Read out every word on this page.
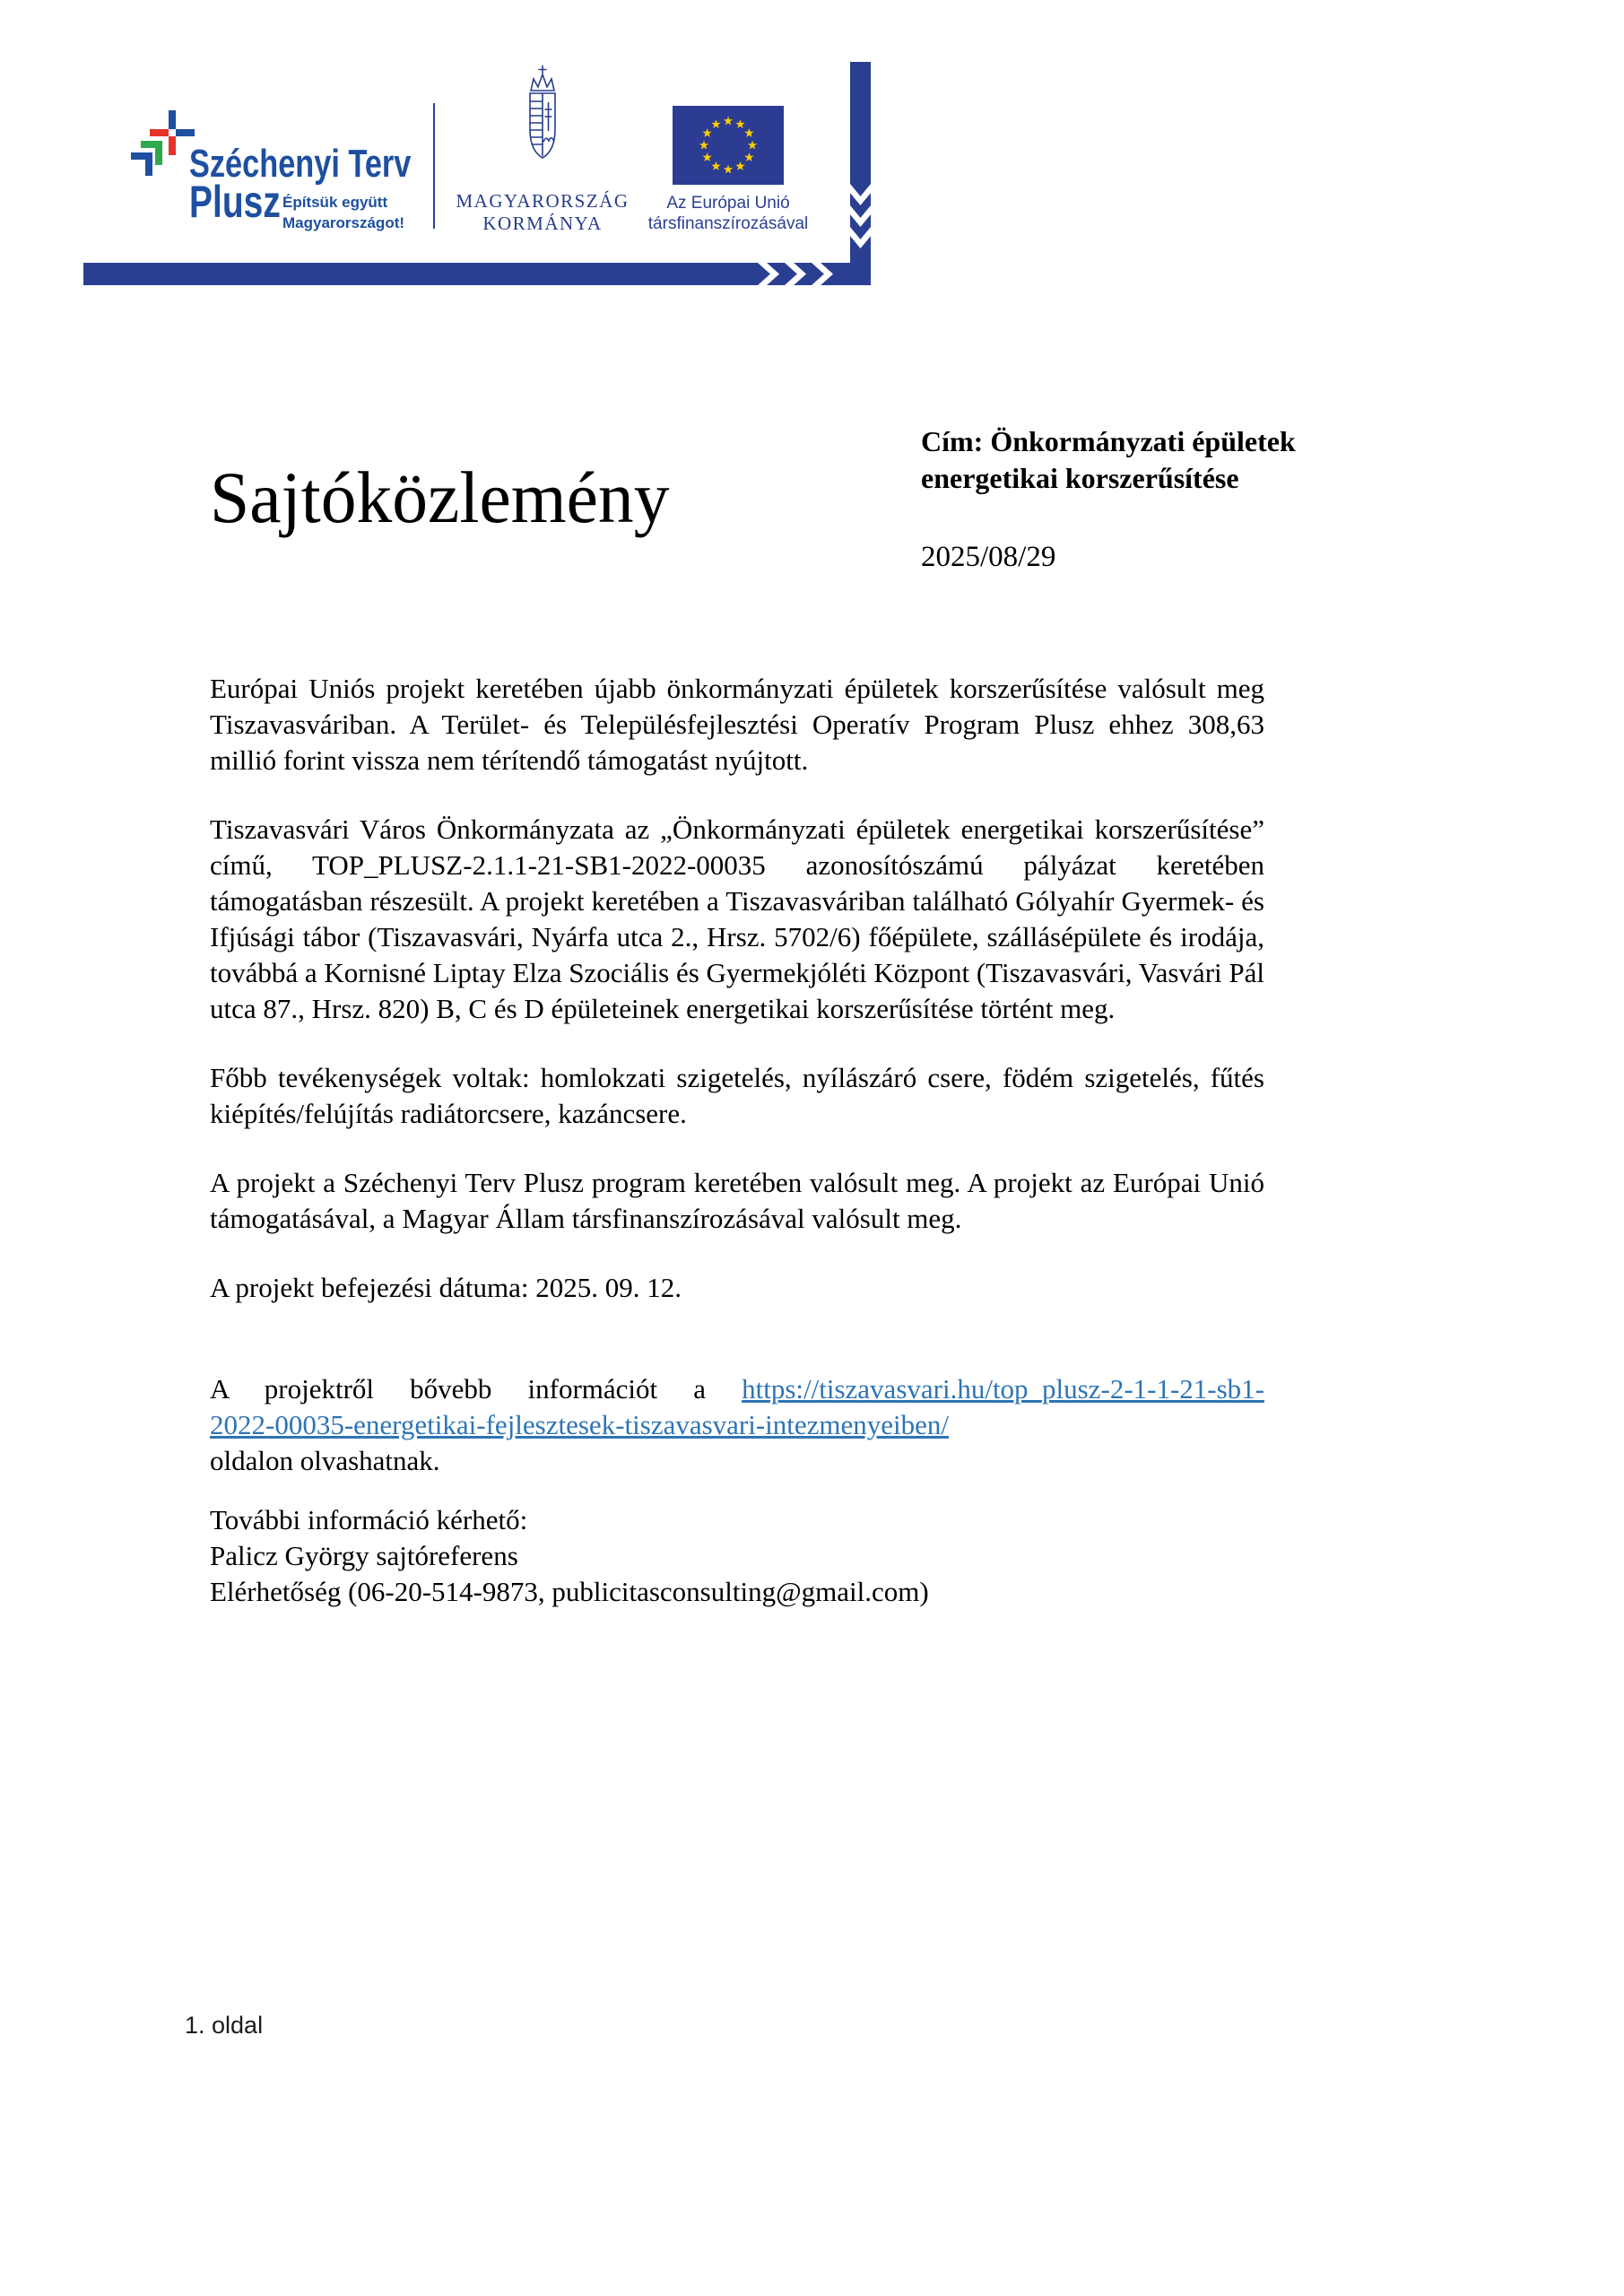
Széchenyi Terv
Plusz Építsük együtt
Magyarországot!
MAGYARORSZÁG
KORMÁNYA
Az Európai Unió
társfinanszírozásával
Sajtóközlemény
Cím: Önkormányzati épületek energetikai korszerűsítése
2025/08/29
Európai Uniós projekt keretében újabb önkormányzati épületek korszerűsítése valósult meg Tiszavasváriban. A Terület- és Településfejlesztési Operatív Program Plusz ehhez 308,63 millió forint vissza nem térítendő támogatást nyújtott.
Tiszavasvári Város Önkormányzata az „Önkormányzati épületek energetikai korszerűsítése” című, TOP_PLUSZ-2.1.1-21-SB1-2022-00035 azonosítószámú pályázat keretében támogatásban részesült. A projekt keretében a Tiszavasváriban található Gólyahír Gyermek- és Ifjúsági tábor (Tiszavasvári, Nyárfa utca 2., Hrsz. 5702/6) főépülete, szállásépülete és irodája, továbbá a Kornisné Liptay Elza Szociális és Gyermekjóléti Központ (Tiszavasvári, Vasvári Pál utca 87., Hrsz. 820) B, C és D épületeinek energetikai korszerűsítése történt meg.
Főbb tevékenységek voltak: homlokzati szigetelés, nyílászáró csere, födém szigetelés, fűtés kiépítés/felújítás radiátorcsere, kazáncsere.
A projekt a Széchenyi Terv Plusz program keretében valósult meg. A projekt az Európai Unió támogatásával, a Magyar Állam társfinanszírozásával valósult meg.
A projekt befejezési dátuma: 2025. 09. 12.
A projektről bővebb információt a https://tiszavasvari.hu/top_plusz-2-1-1-21-sb1-
2022-00035-energetikai-fejlesztesek-tiszavasvari-intezmenyeiben/
oldalon olvashatnak.
További információ kérhető:
Palicz György sajtóreferens
Elérhetőség (06-20-514-9873, publicitasconsulting@gmail.com)
1. oldal
